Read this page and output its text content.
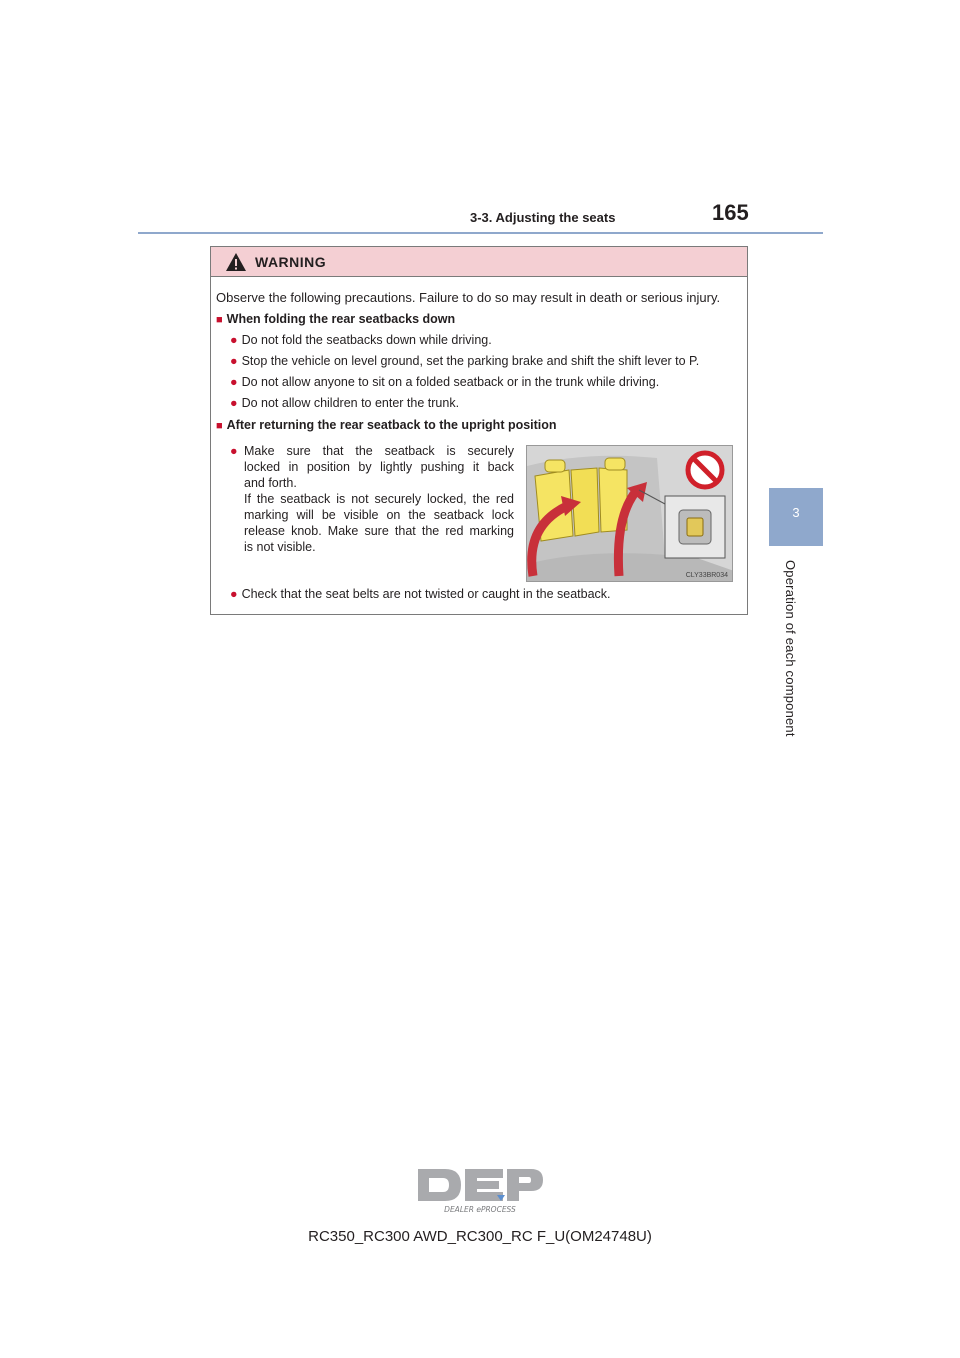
3-3. Adjusting the seats	165
3
Operation of each component
WARNING
Observe the following precautions. Failure to do so may result in death or serious injury.
■ When folding the rear seatbacks down
● Do not fold the seatbacks down while driving.
● Stop the vehicle on level ground, set the parking brake and shift the shift lever to P.
● Do not allow anyone to sit on a folded seatback or in the trunk while driving.
● Do not allow children to enter the trunk.
■ After returning the rear seatback to the upright position
● Make sure that the seatback is securely
locked in position by lightly pushing it back
and forth.
If the seatback is not securely locked, the red
marking will be visible on the seatback lock
release knob. Make sure that the red marking
is not visible.
CLY33BR034
● Check that the seat belts are not twisted or caught in the seatback.
DEALER ePROCESS
RC350_RC300 AWD_RC300_RC F_U(OM24748U)
